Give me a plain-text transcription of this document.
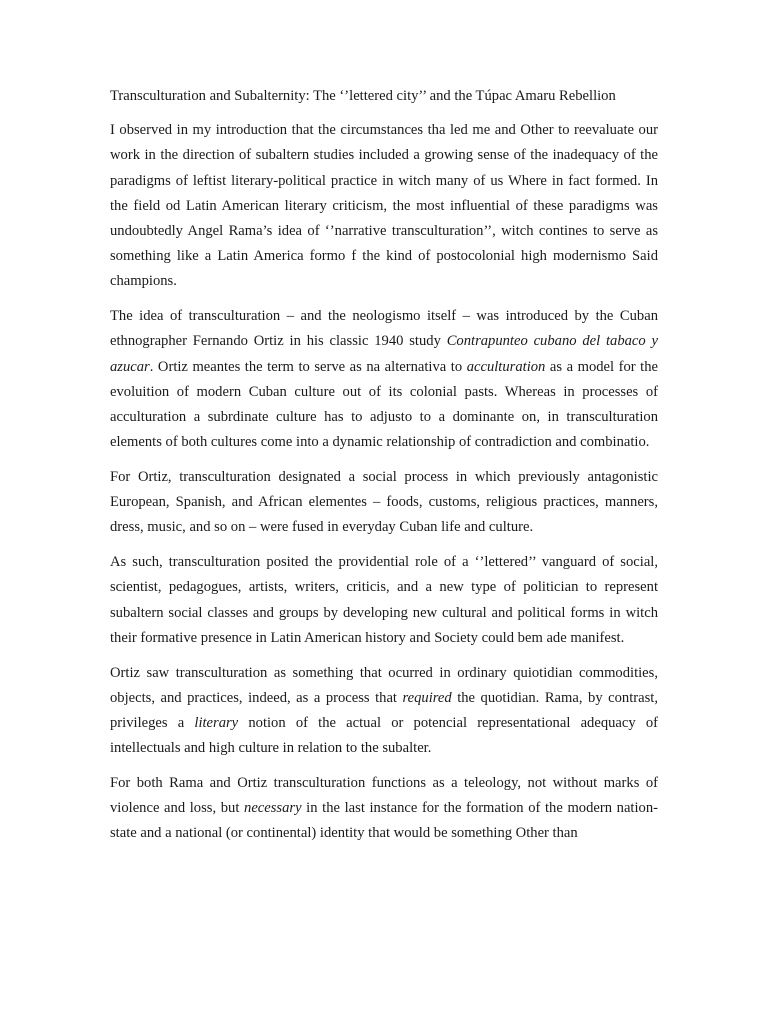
Transculturation and Subalternity: The ‘’lettered city’’ and the Túpac Amaru Rebellion

I observed in my introduction that the circumstances tha led me and Other to reevaluate our work in the direction of subaltern studies included a growing sense of the inadequacy of the paradigms of leftist literary-political practice in witch many of us Where in fact formed. In the field od Latin American literary criticism, the most influential of these paradigms was undoubtedly Angel Rama’s idea of ‘’narrative transculturation’’, witch contines to serve as something like a Latin America formo f the kind of postocolonial high modernismo Said champions.

The idea of transculturation – and the neologismo itself – was introduced by the Cuban ethnographer Fernando Ortiz in his classic 1940 study Contrapunteo cubano del tabaco y azucar. Ortiz meantes the term to serve as na alternativa to acculturation as a model for the evoluition of modern Cuban culture out of its colonial pasts. Whereas in processes of acculturation a subrdinate culture has to adjusto to a dominante on, in transculturation elements of both cultures come into a dynamic relationship of contradiction and combinatio.

For Ortiz, transculturation designated a social process in which previously antagonistic European, Spanish, and African elementes – foods, customs, religious practices, manners, dress, music, and so on – were fused in everyday Cuban life and culture.

As such, transculturation posited the providential role of a ‘’lettered’’ vanguard of social, scientist, pedagogues, artists, writers, criticis, and a new type of politician to represent subaltern social classes and groups by developing new cultural and political forms in witch their formative presence in Latin American history and Society could bem ade manifest.

Ortiz saw transculturation as something that ocurred in ordinary quiotidian commodities, objects, and practices, indeed, as a process that required the quotidian. Rama, by contrast, privileges a literary notion of the actual or potencial representational adequacy of intellectuals and high culture in relation to the subalter.

For both Rama and Ortiz transculturation functions as a teleology, not without marks of violence and loss, but necessary in the last instance for the formation of the modern nation-state and a national (or continental) identity that would be something Other than
